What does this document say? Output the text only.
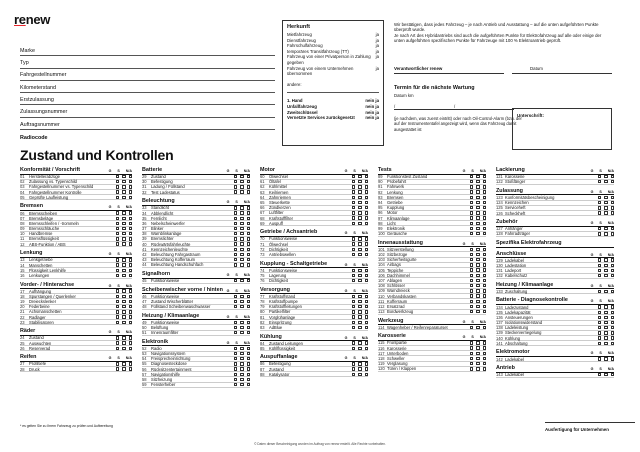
renew
Marke
Typ
Fahrgestellnummer
Kilometerstand
Erstzulassung
Zulassungsnummer
Auftragsnummer
Radiocode
Herkunft
Mietfahrzeug	ja
Dienstfahrzeug	ja
Fahrschulfahrzeug	ja
temporäres Transitfahrzeug (TT)	ja
Fahrzeug von einer Privatperson in Zahlung gegeben
ja
Fahrzeug von einem Unternehmen übernommen
ja
andere:
1. Hand	nein ja
Unfallfahrzeug	nein ja
Zweitschlüssel	nein ja
Vernetzte Services zurückgesetzt nein ja
Wir bestätigen, dass jedes Fahrzeug – je nach Antrieb und Ausstattung – auf die unten aufgeführten Punkte überprüft wurde.
Je nach Art des Hybridantriebs sind auch die aufgeführten Punkte für Elektrofahrzeug auf alle oder einige der unten aufgeführten spezifischen Punkte für Fahrzeuge mit 100 % Elektroantrieb geprüft.
Verantwortlicher renew	Datum
Termin für die nächste Wartung
Datum km
/	/
(je nachdem, was zuerst eintritt) oder nach Oil-Control-Alarm (bzw. der auf der Instrumententafel angezeigt wird, wenn das Fahrzeug damit ausgestattet ist
Unterschrift:
Zustand und Kontrollen
Konformität / Vorschrift	G S N/A
01	Herstellerabzüge
02	Zulassung vs. Typenschild
03	Fahrgestellnummer vs. Typenschild
04	Fahrgestellnummer Kontrolle
05	Geprüfte Laufleistung
Bremsen	G S N/A
06	Bremsscheiben
07	Bremsbeläge
08	Bremsschleifen / -trommeln
09	Bremsschläuche
10	Handbremse
11	Bremsflüssigkeit
12	ABS-Funktion / ABS
Lenkung	G S N/A
13	Lenkgetriebe
14	Manschetten
15	Flüssigkeit Lenkhilfe
16	Lenkungen
Vorder- / Hinterachse	G S N/A
17	Aufhängung
18	Spurstangen / Querlenker
19	Dreieckslenker
20	Federbeine
21	Achsmanschetten
22	Radlager
23	Stabilisatoren
Räder	G S N/A
24	Zustand
25	Auswuchten
26	Reserverad
Reifen	G S N/A
27	Profiltiefe
28	Druck
Batterie	G S N/A
29	Zustand
30	Befestigung
31	Ladung / Füllstand
32	Test Ladestatus
Beleuchtung	G S N/A
33	Standlicht
34	Abblendlicht
35	Fernlicht
36	Nebelscheinwerfer
37	Blinker
38	Warnblinkanlage
39	Bremslichter
40	Rückwärtsfahrleuchte
41	Kennzeichenleuchte
42	Beleuchtung Fahrgastraum
43	Beleuchtung Kofferraum
44	Beleuchtung Handschuhfach
Signalhorn	G S N/A
45	Funktionsweise
Scheibenwischer vorne / hinten G S N/A
46	Funktionsweise
47	Zustand Wischerblätter
48	Füllstand Scheibenwaschwasser
Heizung / Klimaanlage	G S N/A
49	Funktionsweise
50	Belüftung
51	Innenraumfilter
Elektronik	G S N/A
52	Radio
53	Navigationssystem
54	Freisprecheinrichtung
55	Diagnosesteckdose
56	Rücksitzentertainment
57	Navigationshilfe
58	Sitzheizung
59	Fensterheber
Motor	G S N/A
60	Ölwechsel
61	Öltafel
62	Kühlmittel
63	Keilriemen
64	Zahnriemen
65	Steuerkette
66	Zündkerzen
67	Luftfilter
68	Kraftstofffilter
69	Auspuff
Getriebe / Achsantrieb	G S N/A
70	Funktionsweise
71	Ölwechsel
72	Dichtigkeit
73	Antriebswellen
Kupplung - Schaltgetriebe	G S N/A
74	Funktionsweise
75	Lagerung
76	Dichtigkeit
Versorgung	G S N/A
77	Kraftstoffstand
78	Kraftstoffpumpe
79	Kraftstoffleitungen
80	Partikelfilter
81	Vorglühanlage
82	Einspritzung
83	AdBlue
Kühlung	G S N/A
84	Zustand Leitungen
85	Kühlflüssigkeit
Auspuffanlage	G S N/A
86	Befestigung
87	Zustand
88	Katalysator
Tests	G S N/A
89	Funktionstest Zustand
90	Probefahrt
91	Fahrwerk
92	Lenkung
93	Bremsen
94	Getriebe
95	Kupplung
96	Motor
97	Klimaanlage
98	Licht
99	Elektronik
100 Geräusche
Innenausstattung	G S N/A
101 Sitzverstellung
102 Sitzbezüge
103 Sicherheitsgurte
104 Airbags
105 Teppiche
106 Dachhimmel
107 Ablagen
108 Schlösser
109 Warndreieck
110 Verbandskasten
111 Kofferraum
112 Ersatzrad
113 Bordwerkzeug
Werkzeug	G S N/A
114 Wagenheber / Reifenreparaturset
Karosserie	G S N/A
115 Frontpartie
116 Karosserie
117 Unterboden
118 Schweller
119 Verglasung
120 Türen / Klappen
Lackierung	G S N/A
121 Karosserie
122 Stoßfänger
Zulassung	G S N/A
123 Konformitätsbescheinigung
124 Kennzeichen
125 Serviceheft
126 Scheckheft
Zubehör	G S N/A
127 Anhänger
128 Fahrradträger
Spezifika Elektrofahrzeug
Anschlüsse	G S N/A
129 Ladekabel
130 Ladestation
131 Ladeport
132 Kabelschutz
Heizung / Klimaanlage	G S N/A
133 Zuschaltung
Batterie - Diagnosekontrolle	G S N/A
134 Ladezustand
135 Ladekapazität
136 Ansteuerungen
137 Isolationswiderstand
138 Ladeleistung
139 Steckerverriegelung
140 Kühlung
141 Abschaltung
Elektromotor	G S N/A
142 Ladekabel
Antrieb	G S N/A
143 Ladekabel
* es gelten Sie zu Ihrem Fahrzeug zu prüfen und Aufbereitung
Ausfertigung für Unternehmen
© Daten dieser Bescheinigung wurden im Auftrag von renew erstellt. Alle Rechte vorbehalten.
